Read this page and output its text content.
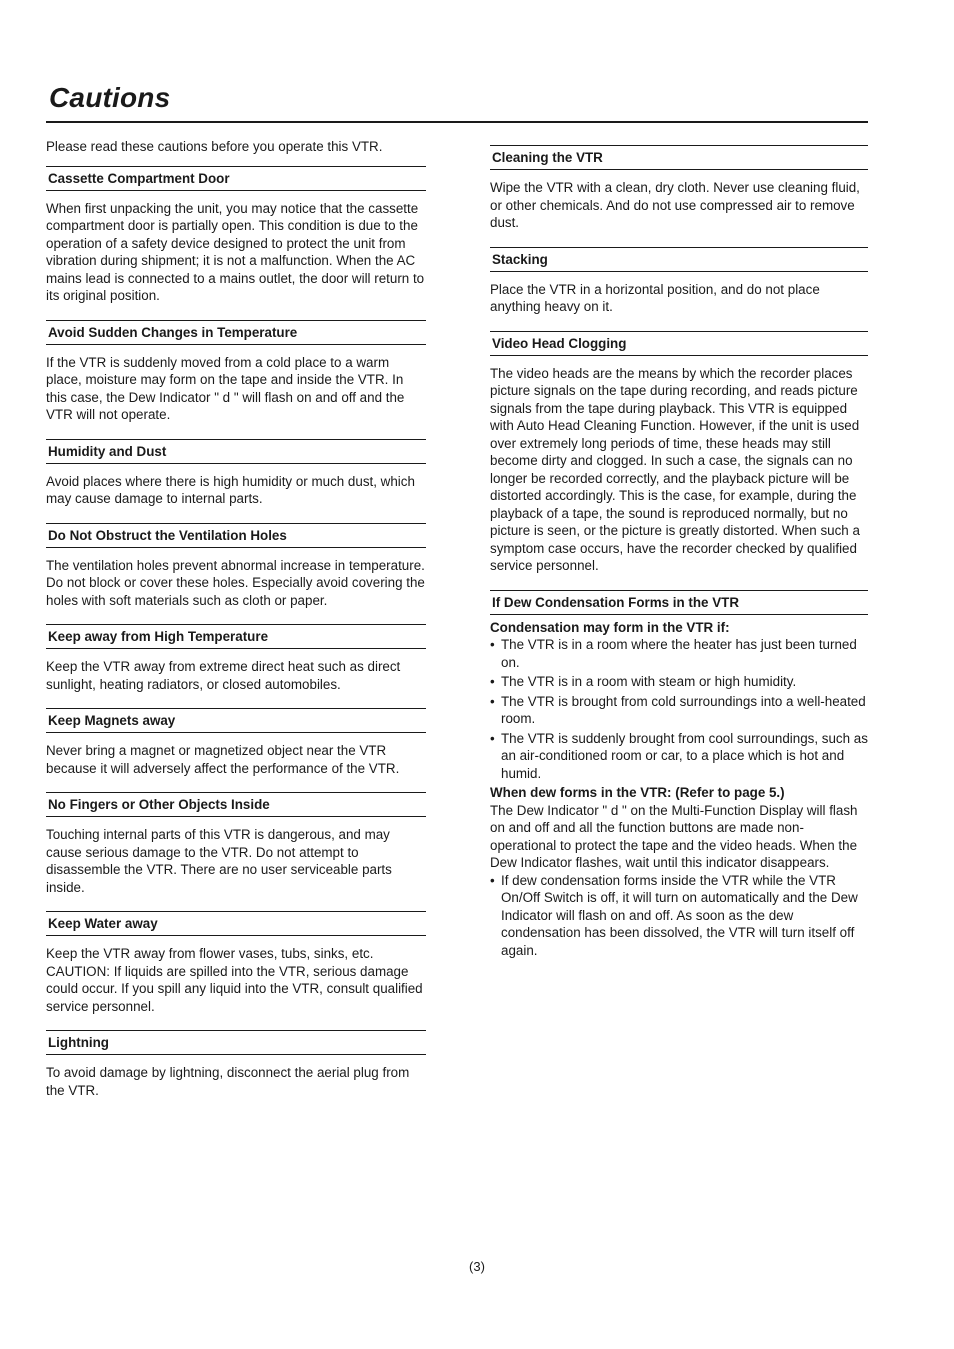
Cautions

Please read these cautions before you operate this VTR.

Cassette Compartment Door

When first unpacking the unit, you may notice that the cassette compartment door is partially open. This condition is due to the operation of a safety device designed to protect the unit from vibration during shipment; it is not a malfunction. When the AC mains lead is connected to a mains outlet, the door will return to its original position.

Avoid Sudden Changes in Temperature

If the VTR is suddenly moved from a cold place to a warm place, moisture may form on the tape and inside the VTR. In this case, the Dew Indicator " d " will flash on and off and the VTR will not operate.

Humidity and Dust

Avoid places where there is high humidity or much dust, which may cause damage to internal parts.

Do Not Obstruct the Ventilation Holes

The ventilation holes prevent abnormal increase in temperature. Do not block or cover these holes. Especially avoid covering the holes with soft materials such as cloth or paper.

Keep away from High Temperature

Keep the VTR away from extreme direct heat such as direct sunlight, heating radiators, or closed automobiles.

Keep Magnets away

Never bring a magnet or magnetized object near the VTR because it will adversely affect the performance of the VTR.

No Fingers or Other Objects Inside

Touching internal parts of this VTR is dangerous, and may cause serious damage to the VTR. Do not attempt to disassemble the VTR. There are no user serviceable parts inside.

Keep Water away

Keep the VTR away from flower vases, tubs, sinks, etc. CAUTION: If liquids are spilled into the VTR, serious damage could occur. If you spill any liquid into the VTR, consult qualified service personnel.

Lightning

To avoid damage by lightning, disconnect the aerial plug from the VTR.

Cleaning the VTR

Wipe the VTR with a clean, dry cloth. Never use cleaning fluid, or other chemicals. And do not use compressed air to remove dust.

Stacking

Place the VTR in a horizontal position, and do not place anything heavy on it.

Video Head Clogging

The video heads are the means by which the recorder places picture signals on the tape during recording, and reads picture signals from the tape during playback. This VTR is equipped with Auto Head Cleaning Function. However, if the unit is used over extremely long periods of time, these heads may still become dirty and clogged. In such a case, the signals can no longer be recorded correctly, and the playback picture will be distorted accordingly. This is the case, for example, during the playback of a tape, the sound is reproduced normally, but no picture is seen, or the picture is greatly distorted. When such a symptom case occurs, have the recorder checked by qualified service personnel.

If Dew Condensation Forms in the VTR

Condensation may form in the VTR if:

• The VTR is in a room where the heater has just been turned on.
• The VTR is in a room with steam or high humidity.
• The VTR is brought from cold surroundings into a well-heated room.
• The VTR is suddenly brought from cool surroundings, such as an air-conditioned room or car, to a place which is hot and humid.

When dew forms in the VTR: (Refer to page 5.)

The Dew Indicator " d " on the Multi-Function Display will flash on and off and all the function buttons are made non-operational to protect the tape and the video heads. When the Dew Indicator flashes, wait until this indicator disappears.

• If dew condensation forms inside the VTR while the VTR On/Off Switch is off, it will turn on automatically and the Dew Indicator will flash on and off. As soon as the dew condensation has been dissolved, the VTR will turn itself off again.
(3)
